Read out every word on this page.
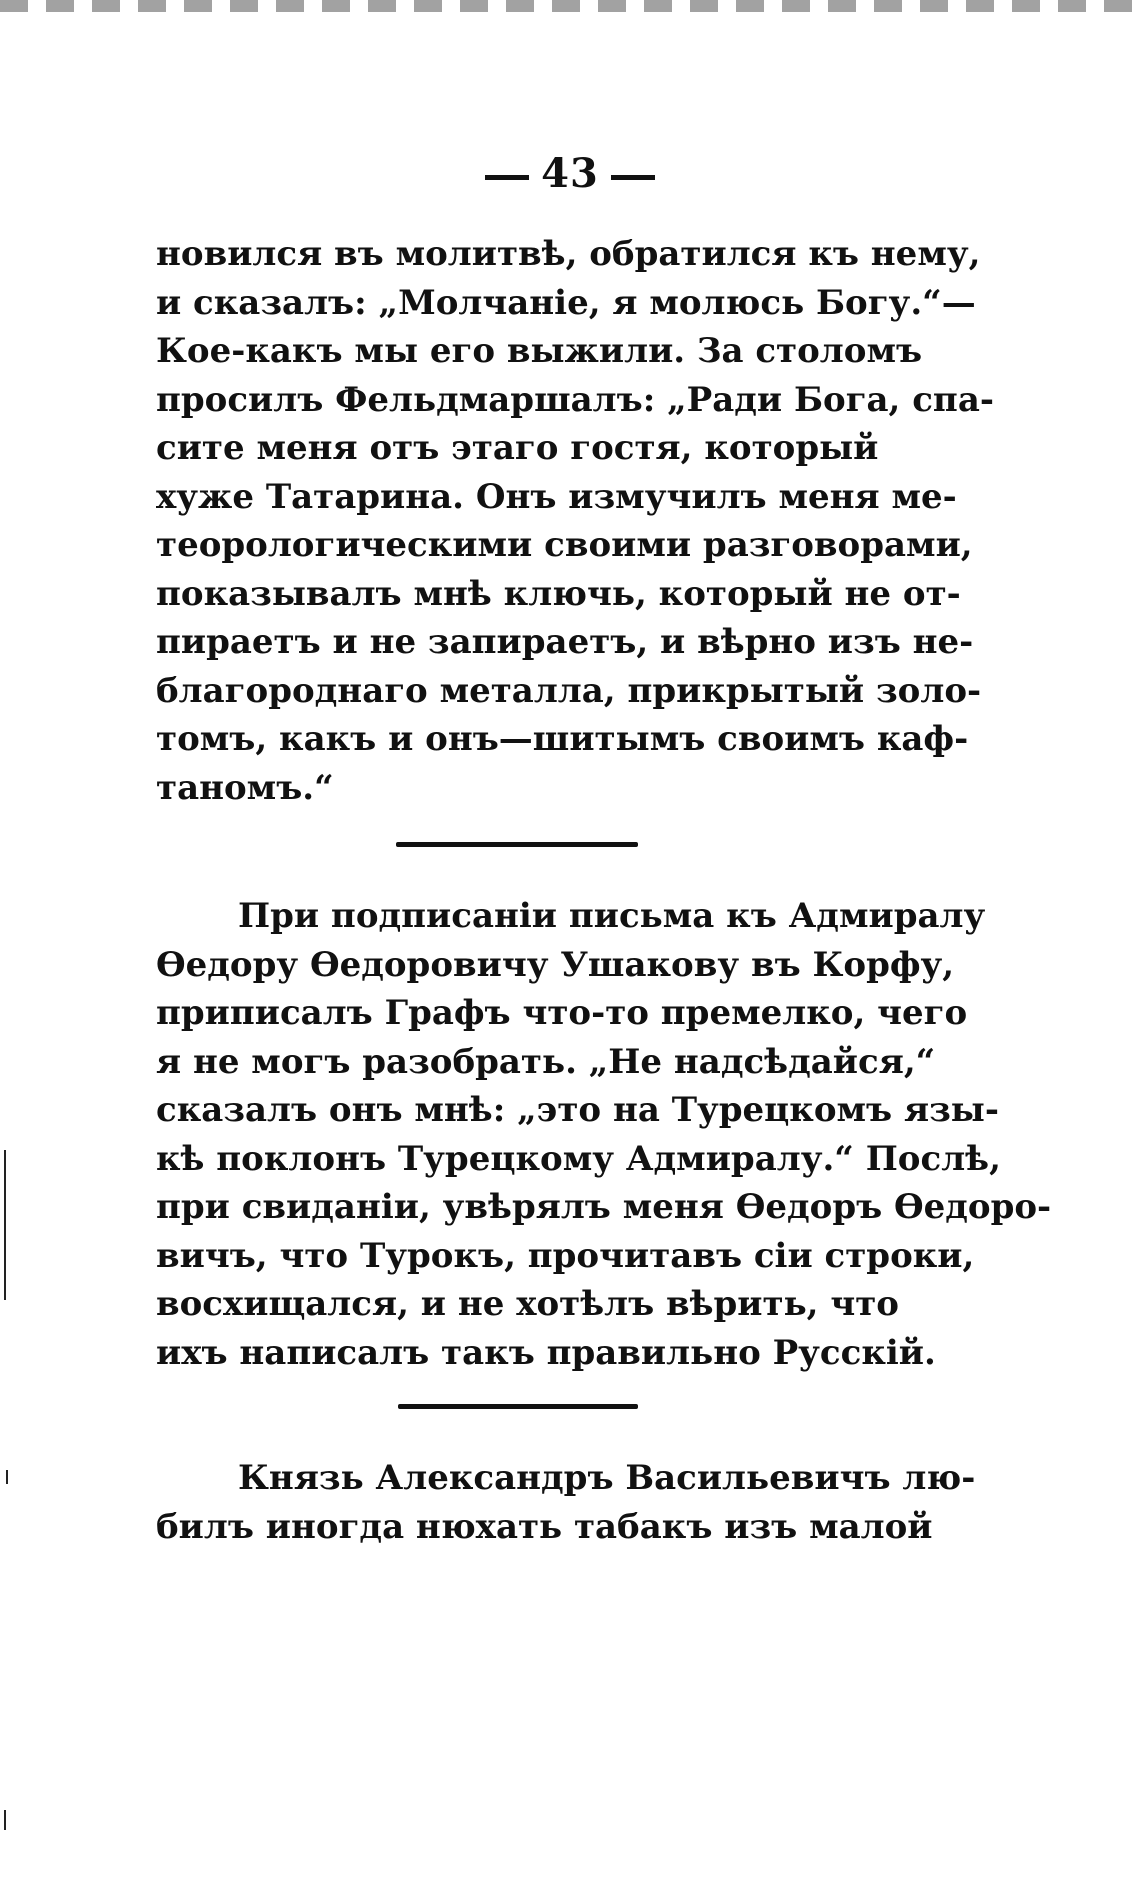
43
новился въ молитвѣ, обратился къ нему,
и сказалъ: „Молчаніе, я молюсь Богу.“—
Кое-какъ мы его выжили. За столомъ
просилъ Фельдмаршалъ: „Ради Бога, спа-
сите меня отъ этаго гостя, который
хуже Татарина. Онъ измучилъ меня ме-
теорологическими своими разговорами,
показывалъ мнѣ ключь, который не от-
пираетъ и не запираетъ, и вѣрно изъ не-
благороднаго металла, прикрытый золо-
томъ, какъ и онъ—шитымъ своимъ каф-
таномъ.“
При подписаніи письма къ Адмиралу
Ѳедору Ѳедоровичу Ушакову въ Корфу,
приписалъ Графъ что-то премелко, чего
я не могъ разобрать. „Не надсѣдайся,“
сказалъ онъ мнѣ: „это на Турецкомъ язы-
кѣ поклонъ Турецкому Адмиралу.“ Послѣ,
при свиданіи, увѣрялъ меня Ѳедоръ Ѳедоро-
вичъ, что Турокъ, прочитавъ сіи строки,
восхищался, и не хотѣлъ вѣрить, что
ихъ написалъ такъ правильно Русскій.
Князь Александръ Васильевичъ лю-
билъ иногда нюхать табакъ изъ малой
